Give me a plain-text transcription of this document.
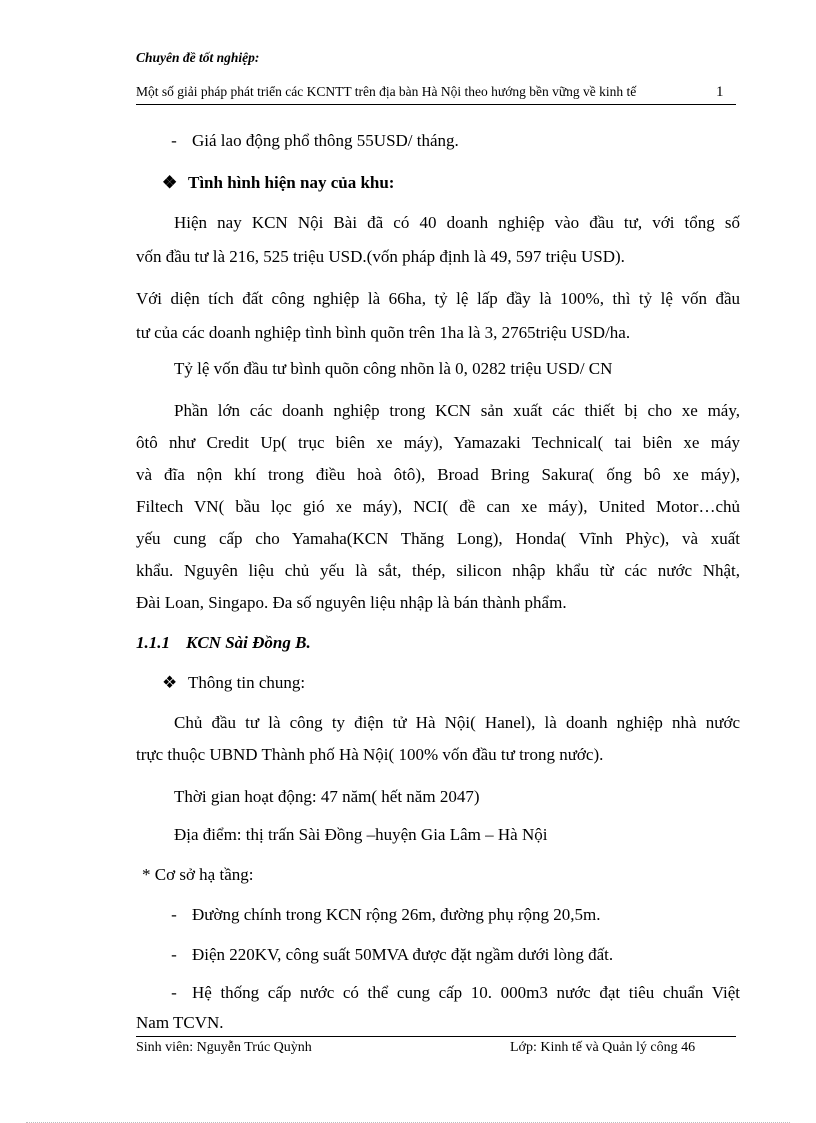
Chuyên đề tốt nghiệp:
Một số giải pháp phát triển các KCNTT trên địa bàn Hà Nội theo hướng bền vững về kinh tế	1
- Giá lao động phổ thông 55USD/ tháng.
❖ Tình hình hiện nay của khu:
Hiện nay KCN Nội Bài đã có 40 doanh nghiệp vào đầu tư, với tổng số
vốn đầu tư là 216, 525 triệu USD.(vốn pháp định là 49, 597 triệu USD).
Với diện tích đất công nghiệp là 66ha, tỷ lệ lấp đầy là 100%, thì tỷ lệ vốn đầu
tư của các doanh nghiệp tình bình quõn trên 1ha là 3, 2765triệu USD/ha.
Tỷ lệ vốn đầu tư bình quõn công nhõn là 0, 0282 triệu USD/ CN
Phần lớn các doanh nghiệp trong KCN sản xuất các thiết bị cho xe máy,
ôtô như Credit Up( trục biên xe máy), Yamazaki Technical( tai biên xe máy
và đĩa nộn khí trong điều hoà ôtô), Broad Bring Sakura( ống bô xe máy),
Filtech VN( bầu lọc gió xe máy), NCI( đề can xe máy), United Motor…chủ
yếu cung cấp cho Yamaha(KCN Thăng Long), Honda( Vĩnh Phỳc), và xuất
khẩu. Nguyên liệu chủ yếu là sắt, thép, silicon nhập khẩu từ các nước Nhật,
Đài Loan, Singapo. Đa số nguyên liệu nhập là bán thành phẩm.
1.1.1 KCN Sài Đồng B.
❖ Thông tin chung:
Chủ đầu tư là công ty điện tử Hà Nội( Hanel), là doanh nghiệp nhà nước
trực thuộc UBND Thành phố Hà Nội( 100% vốn đầu tư trong nước).
Thời gian hoạt động: 47 năm( hết năm 2047)
Địa điểm: thị trấn Sài Đồng –huyện Gia Lâm – Hà Nội
* Cơ sở hạ tầng:
- Đường chính trong KCN rộng 26m, đường phụ rộng 20,5m.
- Điện 220KV, công suất 50MVA được đặt ngầm dưới lòng đất.
- Hệ thống cấp nước có thể cung cấp 10. 000m3 nước đạt tiêu chuẩn Việt
Nam TCVN.
Sinh viên: Nguyễn Trúc Quỳnh	Lớp: Kinh tế và Quản lý công 46
